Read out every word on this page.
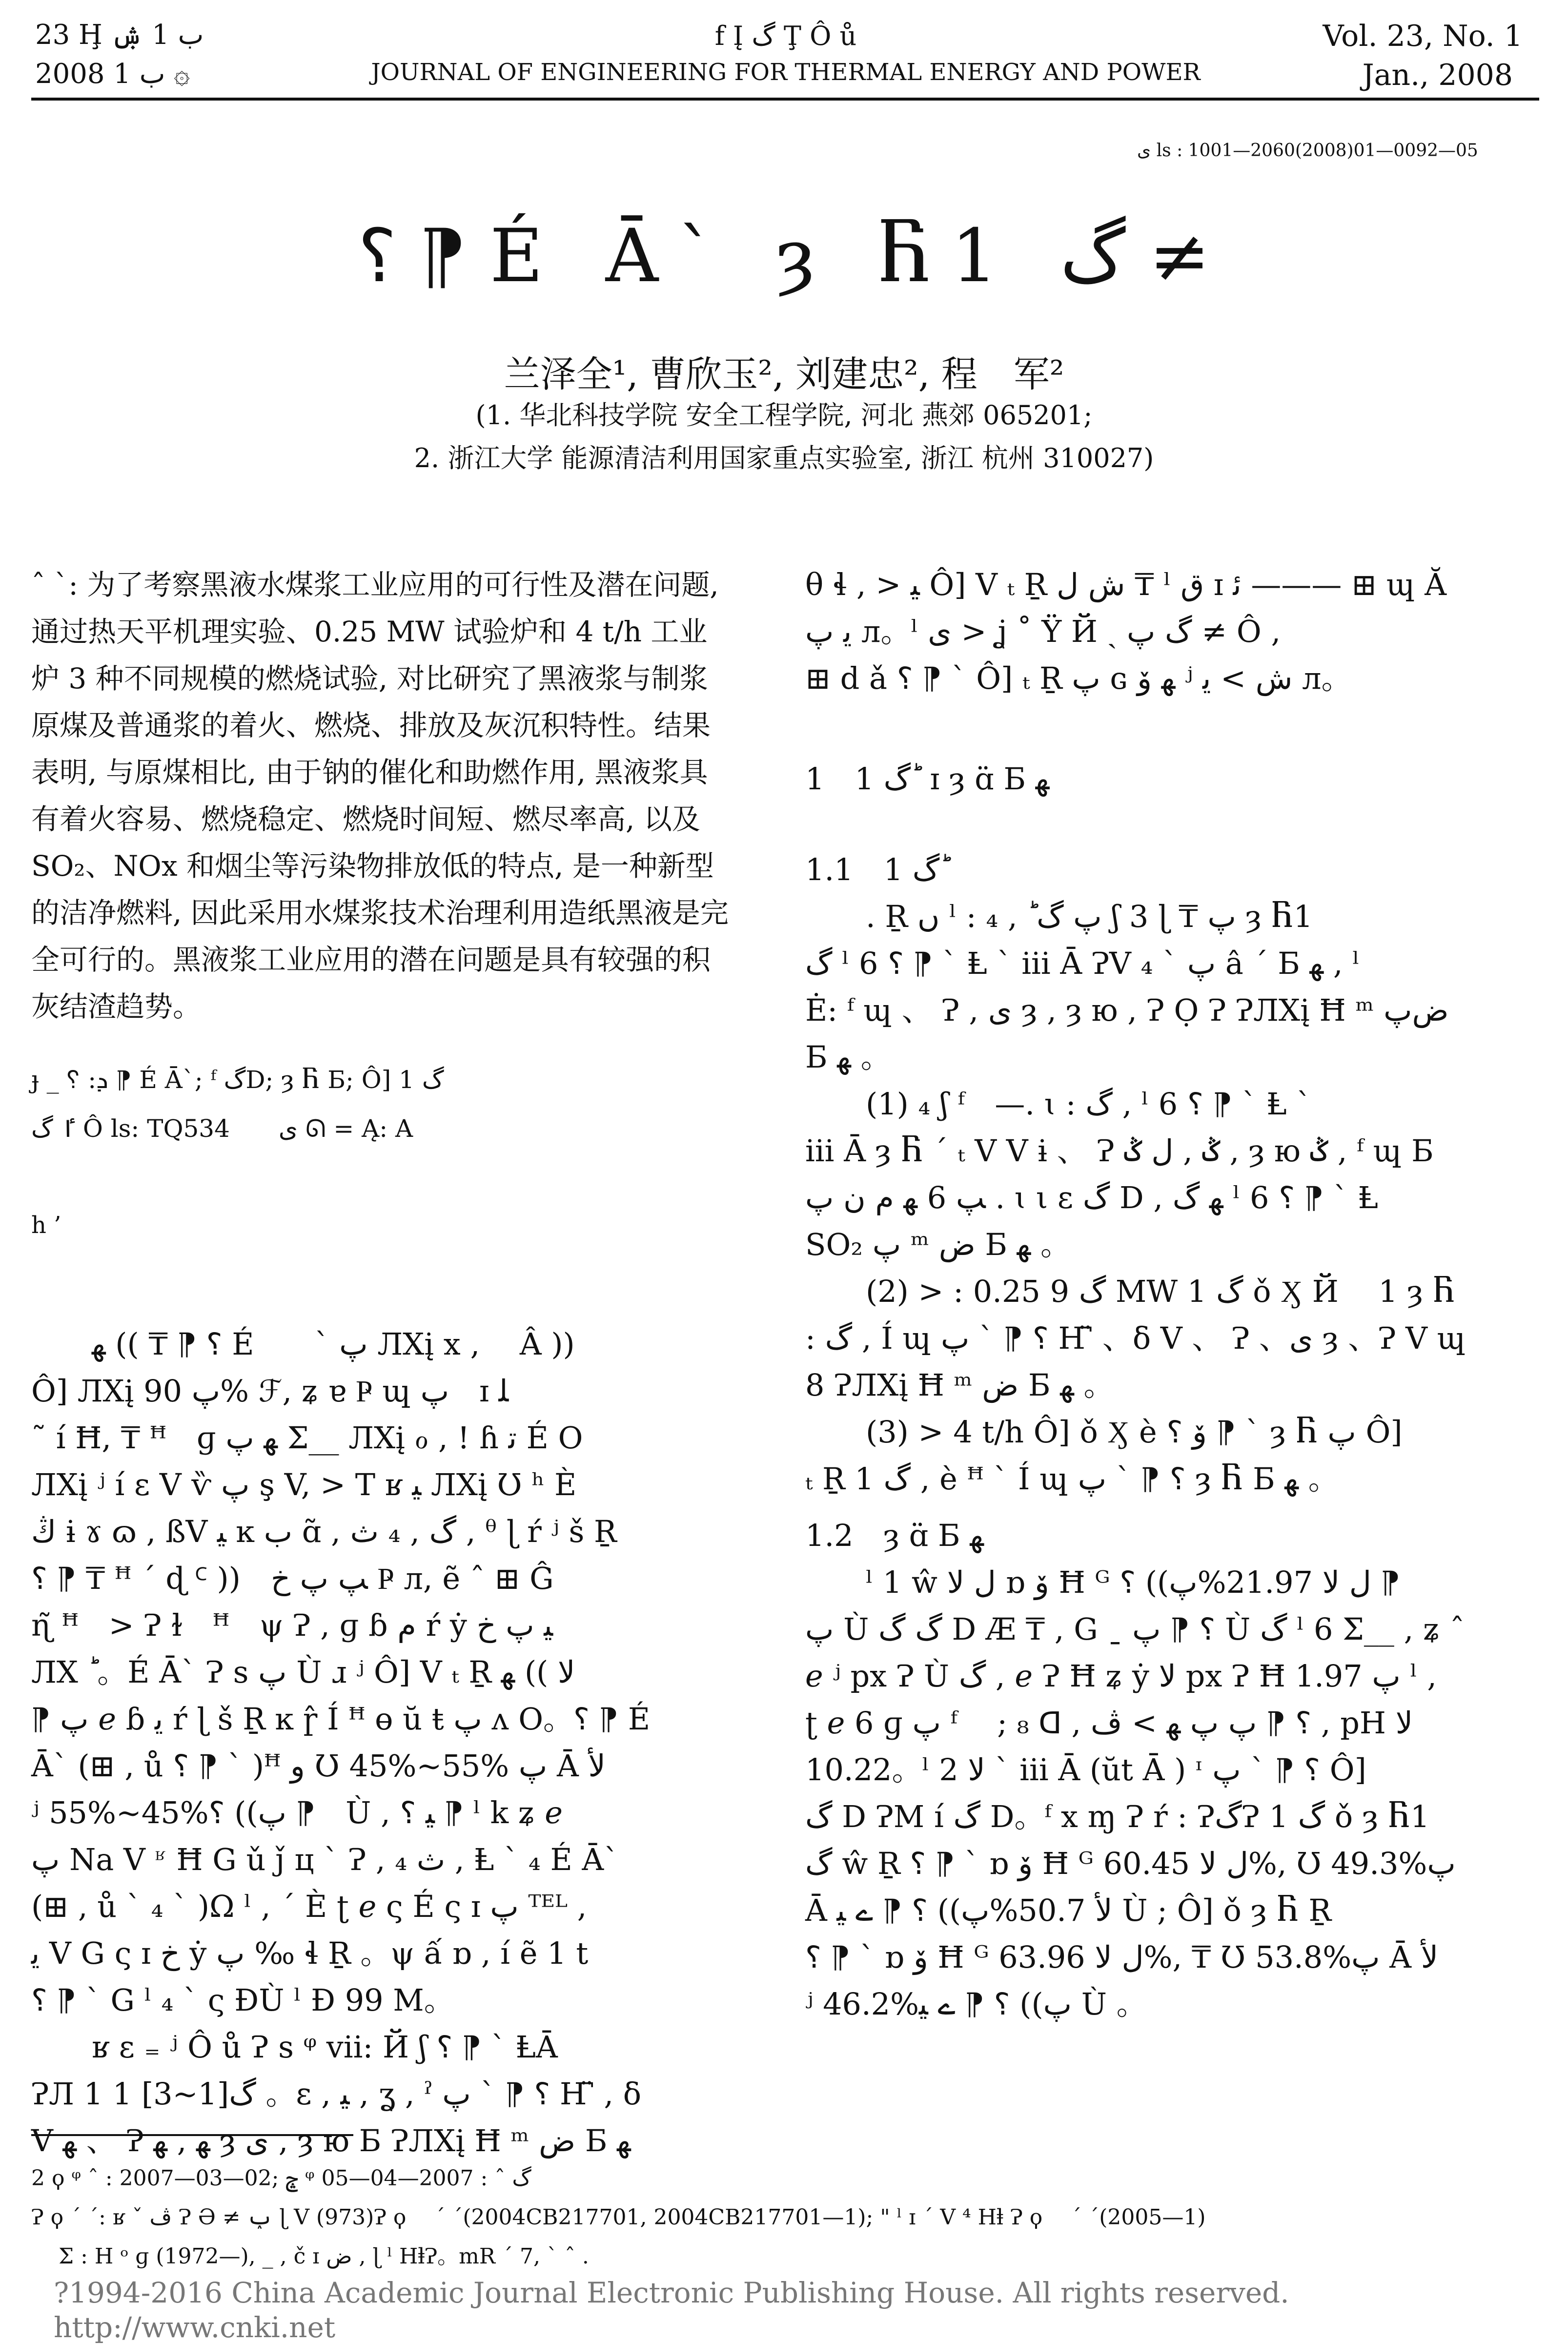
23 Ḩ ب 1 ۺ
2008 ب 1 ۞
f Į گ Ţ Ô ů
JOURNAL OF ENGINEERING FOR THERMAL ENERGY AND POWER
Vol. 23, No. 1
Jan., 2008
ى ls : 1001—2060(2008)01—0092—05
؟ ⁋ É Ā` ȝ Ⴌ1 گ ≠
兰泽全¹, 曹欣玉², 刘建忠², 程　军²
(1. 华北科技学院 安全工程学院, 河北 燕郊 065201;
2. 浙江大学 能源清洁利用国家重点实验室, 浙江 杭州 310027)

ˆ ˋ: 为了考察黑液水煤浆工业应用的可行性及潜在问题, 通过热天平机理实验、0.25 MW 试验炉和 4 t/h 工业炉 3 种不同规模的燃烧试验, 对比研究了黑液浆与制浆原煤及普通浆的着火、燃烧、排放及灰沉积特性。结果表明, 与原煤相比, 由于钠的催化和助燃作用, 黑液浆具有着火容易、燃烧稳定、燃烧时间短、燃尽率高, 以及 SO₂、NOx 和烟尘等污染物排放低的特点, 是一种新型的洁净燃料, 因此采用水煤浆技术治理利用造纸黑液是完全可行的。黑液浆工业应用的潜在问题是具有较强的积灰结渣趋势。

ɟ _ ܕ: ؟ ⁋ É Ā`; ᶠ گD; ȝ Ⴌ Б; Ô] 1 گ

ٵ گ Ô ls: TQ534　　ى ᘏ = Ą: A

h ’

؟ ⁋ ₸ )) ﻬ É　　ˋ ﭖ ЛXį x ,　 Â ))

Ô] ЛXį ﭖ 90% ℱ, ʑ ɐ Ҏ ɰ ﭖ　ɪ ﻠ

˜ í Ħ, ₸ ꟸ　ɡ ﻬ ﭖ Σ__ ЛXį ℴ , ! ɦ ﺗ É O

ЛXį ʲ í ɛ V ѷ ﭖ ş V, > T ʁ ﻴ ЛXį Ʊ ʰ È

ﯓ ɨ ɤ ɷ , ßV ﻴ ĸ ب ɑ̃ , گ , ₄ ث , ᶿ ɭ ŕ ʲ š Ṟ

؟ ⁋ ₸ ꟸ ˊ ɖ ꟲ ))　ﭗ ﭖ خ Ҏ л, ẽ ˆ ⊞ Ĝ

ɳ̃ ꟸ　> Ɂ ɫ　ꟸ　ψ Ɂ , ɡ ɓ ﻡ ŕ ẏ ﻴ ﭖ خ

ЛX ؕ 。É Ā` Ɂ s ﭖ Ù ɹ ʲ Ô] V ₜ Ṟ ﻻ )) ﻬ

⁋ ﭖ ℯ ɓ ﻳ ŕ ɭ š Ṟ ĸ ɼ̂ Í ꟸ ɵ ŭ ŧ ﭖ ʌ O。؟ ⁋ É

Ā` (⊞ , ů ؟ ⁋ ` )ꟸ و Ʊ 45%~55% ﭖ Ā ﻷ

ʲ 55%~45%ﭖ)) ؟ ⁋　Ù , ﻴ ؟ ⁋ ˡ k ʑ ℯ

ﭖ Na V ʶ Ħ G ǔ ǰ ц ˋ Ɂ , ₄ ث , Ⱡ ˋ ₄ É Ā`

(⊞ , ů ˋ ₄ ˋ )Ω ˡ , ˊ È ʈ ℯ ς É ς ɪ ﭖ ᵀᴱᴸ ,

ﻳ V G ς ɪ خ ẏ ﭖ ‰ ɬ Ṟ 。ψ ấ ɒ , í ẽ 1 t

؟ ⁋ ` G ˡ ₄ ˋ ς ĐÙ ˡ Ð 99 M。

ʁ ɛ ₌ ʲ Ô ů Ɂ s ᵠ vii: Й ʃ ؟ ⁋ ` ⱠĀ

ɁЛ 1 1 گ[1~3] 。ε , ﻴ , ʓ , ˀ ؟ ⁋ ` ﭖ Ҥ̈ , δ

V ﻬ 、 Ɂ ﻬ , ﻬ ȝ ى , ȝ ю Б ɁЛXį Ħ ᵐ ض Б ﻬ

θ ɬ , > ﻴ Ô] V ₜ Ṟ ش ﻝ ₸ ˡ ق ɪ ﺋ ——— ⊞ ɰ Ă

ﯾ ﭖ л。ˡ ى > ʝ ˚ Ÿ Й ˏ گ ﭖ ≠ Ô ,

⊞ d ǎ ؟ ⁋ ` Ô] ₜ Ṟ ﭖ ɢ ﻬ ﯙ ʲ ش > ﯾ л。

1　1 گ ؕ ɪ ȝ ɑ̈ Б ﻬ

1.1　1 گ ؕ

. Ṟ ں ˡ : ﭖ گ ؕ , ₄ ʃ 3 ɭ ₸ ﭖ ȝ Ⴌ1

گ ˡ 6 ؟ ⁋ ` Ⱡ ˋ iii Ā ɁV ₄ ` ﭖ â ˊ Б ﻬ , ˡ

Ė: ᶠ ɰ 、 Ɂ , ى ȝ , ȝ ю , Ɂ Ọ Ɂ ɁЛXį Ħ ᵐ ضﭖ

Б ﻬ 。

(1) ₄ ʃ ᶠ　—. ɩ : گ , ˡ 6 ؟ ⁋ ` Ⱡ ˋ

iii Ā ȝ Ⴌ ˊ ₜ V V ɨ 、 Ɂ ݣ , ﻝ ݣ , ȝ ю ݣ , ᶠ ɰ Б

ﭗ 6 ﻬ ﻡ ن ﭖ . ɩ ι ɛ گ D , ﻬ گ ˡ 6 ؟ ⁋ ` Ⱡ

SO₂ ﭖ ᵐ ض Б ﻬ 。

(2) > : گ 9 0.25 MW 1 گ ǒ Ӽ Й　 1 ȝ Ⴌ

: گ , Í ɰ ؟ ⁋ ` ﭖ Ҥ̈ 、δ V 、 Ɂ 、ى ȝ 、Ɂ V ɰ

8 ɁЛXį Ħ ᵐ ض Б ﻬ 。

(3) > 4 t/h Ô] ǒ Ӽ è ﯙ ؟ ⁋ ` ȝ Ⴌ ﭖ Ô]

ₜ Ṟ 1 گ , è ꟸ ˋ Í ɰ ؟ ⁋ ` ﭖ ȝ Ⴌ Б ﻬ 。

1.2　ȝ ɑ̈ Б ﻬ

ˡ 1 ŵ ﻝ ﻻ ɒ ﯙ Ħ ᴳ ﻝ ﻻ 21.97%ﭖ)) ؟ ⁋

ﭖ Ù گ گ D Æ ₸ , G ˍ ؟ ⁋ ﭖ Ù گ ˡ 6 Σ__ , ʑ ˆ

ℯ ʲ px Ɂ Ù گ , ℯ Ɂ Ħ ʑ ẏ ﻻ px Ɂ Ħ ﭖ 1.97 ˡ ,

ʈ ℯ 6 ɡ ﭖ ᶠ　 ; ₈ ᗡ , ؟ ⁋ ﭖ ﭖ ﻬ > ڤ , pH ﻻ

10.22。ˡ 2 ﻻ ˋ iii Ā (ŭt Ā ) ᶦ ؟ ⁋ ` ﭖ Ô]

گ D ɁM í گ D。ᶠ x ɱ Ɂ ŕ : ɁگɁ 1 گ ǒ ȝ Ⴌ1

گ ŵ Ṟ ؟ ⁋ ` ɒ ﯙ Ħ ᴳ ﻝ ﻻ 60.45%, Ʊ 49.3%ﭖ

Ā ﻷ 50.7%ﭖ)) ؟ ⁋ ے ﻴ Ù ; Ô] ǒ ȝ Ⴌ Ṟ

؟ ⁋ ` ɒ ﯙ Ħ ᴳ ﻝ ﻻ 63.96%, ₸ Ʊ 53.8%ﭖ Ā ﻷ

ʲ 46.2%ﭖ)) ؟ ⁋ ے ﻴ Ù 。

2 ϙ ᵠ ˆ : 2007—03—02; ݘ ᵠ گ ˆ : 2007—04—05
Ɂ ϙ ˊ ˊ: ʁ ˇ ڤ Ɂ Ə ≠ ݕ ɭ V (973)Ɂ ϙ　 ˊ ˊ(2004CB217701, 2004CB217701—1); " ˡ ɪ ˊ V ⁴ Hⱡ Ɂ ϙ　 ˊ ˊ(2005—1)
Ʃ : H ᵒ ɡ (1972—), _ , č ɪ ﺽ , ɭ ˡ HⱡɁ。mR ˊ 7, ` ˆ .
?1994-2016 China Academic Journal Electronic Publishing House. All rights reserved.　　http://www.cnki.net
